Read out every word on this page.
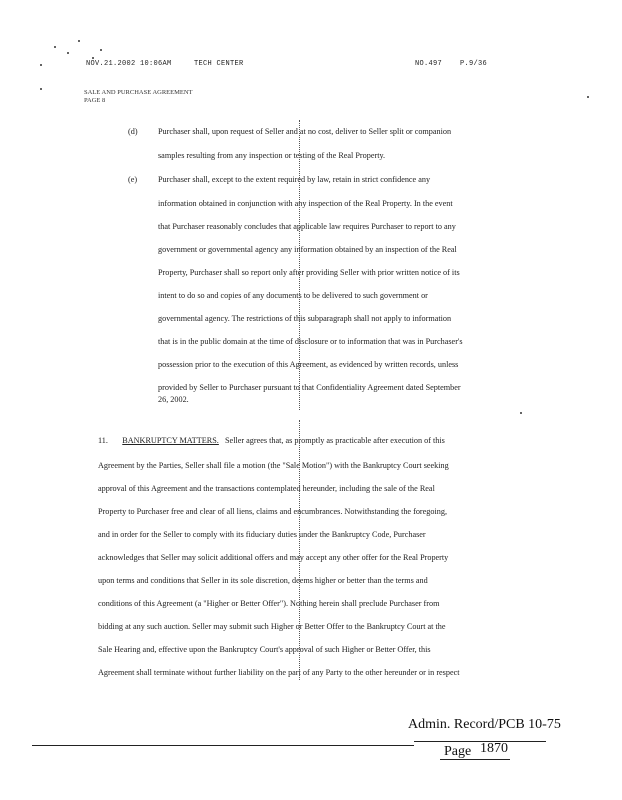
NOV.21.2002 10:06AM	TECH CENTER	NO.497	P.9/36
SALE AND PURCHASE AGREEMENT
PAGE 8
(d) Purchaser shall, upon request of Seller and at no cost, deliver to Seller split or companion
samples resulting from any inspection or testing of the Real Property.
(e)	Purchaser shall, except to the extent required by law, retain in strict confidence any
information obtained in conjunction with any inspection of the Real Property. In the event
that Purchaser reasonably concludes that applicable law requires Purchaser to report to any
government or governmental agency any information obtained by an inspection of the Real
Property, Purchaser shall so report only after providing Seller with prior written notice of its
intent to do so and copies of any documents to be delivered to such government or
governmental agency. The restrictions of this subparagraph shall not apply to information
that is in the public domain at the time of disclosure or to information that was in Purchaser's
possession prior to the execution of this Agreement, as evidenced by written records, unless
provided by Seller to Purchaser pursuant to that Confidentiality Agreement dated September
26, 2002.
11. BANKRUPTCY MATTERS. Seller agrees that, as promptly as practicable after execution of this
Agreement by the Parties, Seller shall file a motion (the "Sale Motion") with the Bankruptcy Court seeking
approval of this Agreement and the transactions contemplated hereunder, including the sale of the Real
Property to Purchaser free and clear of all liens, claims and encumbrances. Notwithstanding the foregoing,
and in order for the Seller to comply with its fiduciary duties under the Bankruptcy Code, Purchaser
acknowledges that Seller may solicit additional offers and may accept any other offer for the Real Property
upon terms and conditions that Seller in its sole discretion, deems higher or better than the terms and
conditions of this Agreement (a "Higher or Better Offer"). Nothing herein shall preclude Purchaser from
bidding at any such auction. Seller may submit such Higher or Better Offer to the Bankruptcy Court at the
Sale Hearing and, effective upon the Bankruptcy Court's approval of such Higher or Better Offer, this
Agreement shall terminate without further liability on the part of any Party to the other hereunder or in respect
Admin. Record/PCB 10-75
Page 1870
